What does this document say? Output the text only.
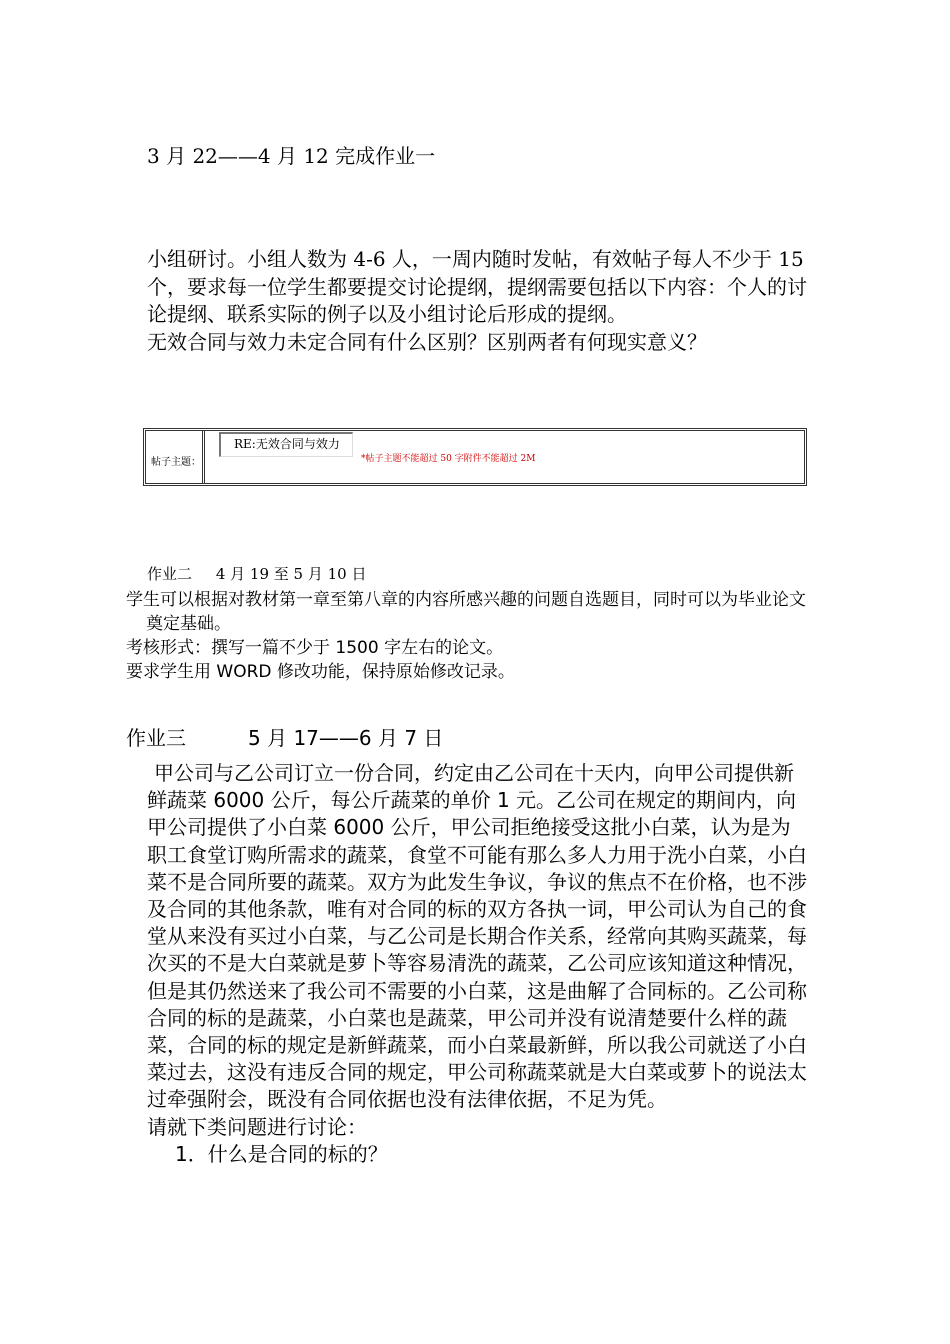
3 月 22——4 月 12 完成作业一
小组研讨。小组人数为 4-6 人，一周内随时发帖，有效帖子每人不少于 15 个，要求每一位学生都要提交讨论提纲，提纲需要包括以下内容：个人的讨论提纲、联系实际的例子以及小组讨论后形成的提纲。
无效合同与效力未定合同有什么区别？区别两者有何现实意义？
帖子主题：
RE:无效合同与效力
*帖子主题不能超过 50 字附件不能超过 2M
作业二     4 月 19 至 5 月 10 日
学生可以根据对教材第一章至第八章的内容所感兴趣的问题自选题目，同时可以为毕业论文奠定基础。
考核形式：撰写一篇不少于 1500 字左右的论文。
要求学生用 WORD 修改功能，保持原始修改记录。
作业三	5 月 17——6 月 7 日

甲公司与乙公司订立一份合同，约定由乙公司在十天内，向甲公司提供新鲜蔬菜 6000 公斤，每公斤蔬菜的单价 1 元。乙公司在规定的期间内，向甲公司提供了小白菜 6000 公斤，甲公司拒绝接受这批小白菜，认为是为职工食堂订购所需求的蔬菜，食堂不可能有那么多人力用于洗小白菜，小白菜不是合同所要的蔬菜。双方为此发生争议，争议的焦点不在价格，也不涉及合同的其他条款，唯有对合同的标的双方各执一词，甲公司认为自己的食堂从来没有买过小白菜，与乙公司是长期合作关系，经常向其购买蔬菜，每次买的不是大白菜就是萝卜等容易清洗的蔬菜，乙公司应该知道这种情况，但是其仍然送来了我公司不需要的小白菜，这是曲解了合同标的。乙公司称合同的标的是蔬菜，小白菜也是蔬菜，甲公司并没有说清楚要什么样的蔬菜，合同的标的规定是新鲜蔬菜，而小白菜最新鲜，所以我公司就送了小白菜过去，这没有违反合同的规定，甲公司称蔬菜就是大白菜或萝卜的说法太过牵强附会，既没有合同依据也没有法律依据，不足为凭。

请就下类问题进行讨论：

1．什么是合同的标的？
